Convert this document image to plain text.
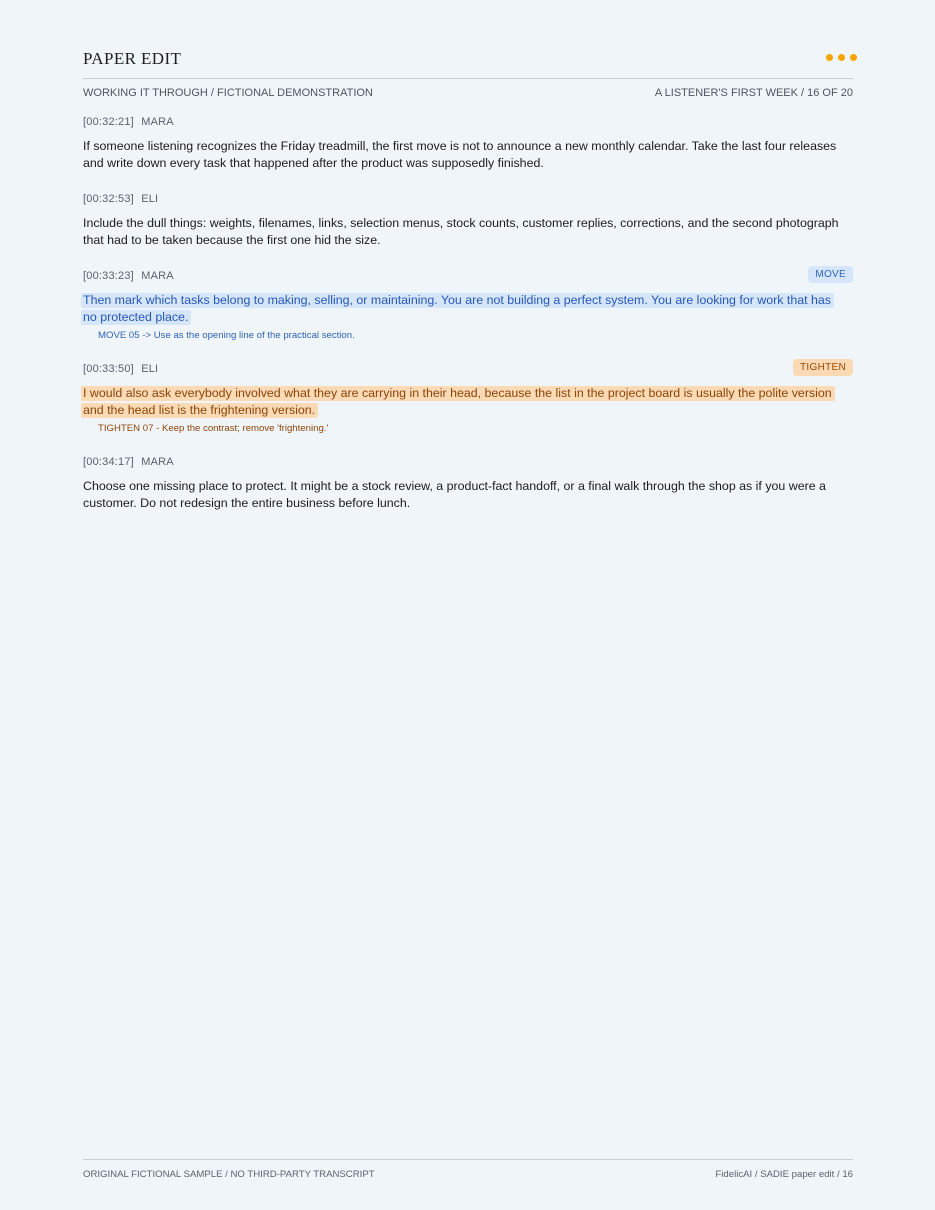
PAPER EDIT
WORKING IT THROUGH / FICTIONAL DEMONSTRATION	A LISTENER'S FIRST WEEK / 16 OF 20
[00:32:21] MARA
If someone listening recognizes the Friday treadmill, the first move is not to announce a new monthly calendar. Take the last four releases and write down every task that happened after the product was supposedly finished.
[00:32:53] ELI
Include the dull things: weights, filenames, links, selection menus, stock counts, customer replies, corrections, and the second photograph that had to be taken because the first one hid the size.
[00:33:23] MARA	MOVE
Then mark which tasks belong to making, selling, or maintaining. You are not building a perfect system. You are looking for work that has no protected place.
MOVE 05 -> Use as the opening line of the practical section.
[00:33:50] ELI	TIGHTEN
I would also ask everybody involved what they are carrying in their head, because the list in the project board is usually the polite version and the head list is the frightening version.
TIGHTEN 07 - Keep the contrast; remove 'frightening.'
[00:34:17] MARA
Choose one missing place to protect. It might be a stock review, a product-fact handoff, or a final walk through the shop as if you were a customer. Do not redesign the entire business before lunch.
ORIGINAL FICTIONAL SAMPLE / NO THIRD-PARTY TRANSCRIPT	FidelicAI / SADIE paper edit / 16
